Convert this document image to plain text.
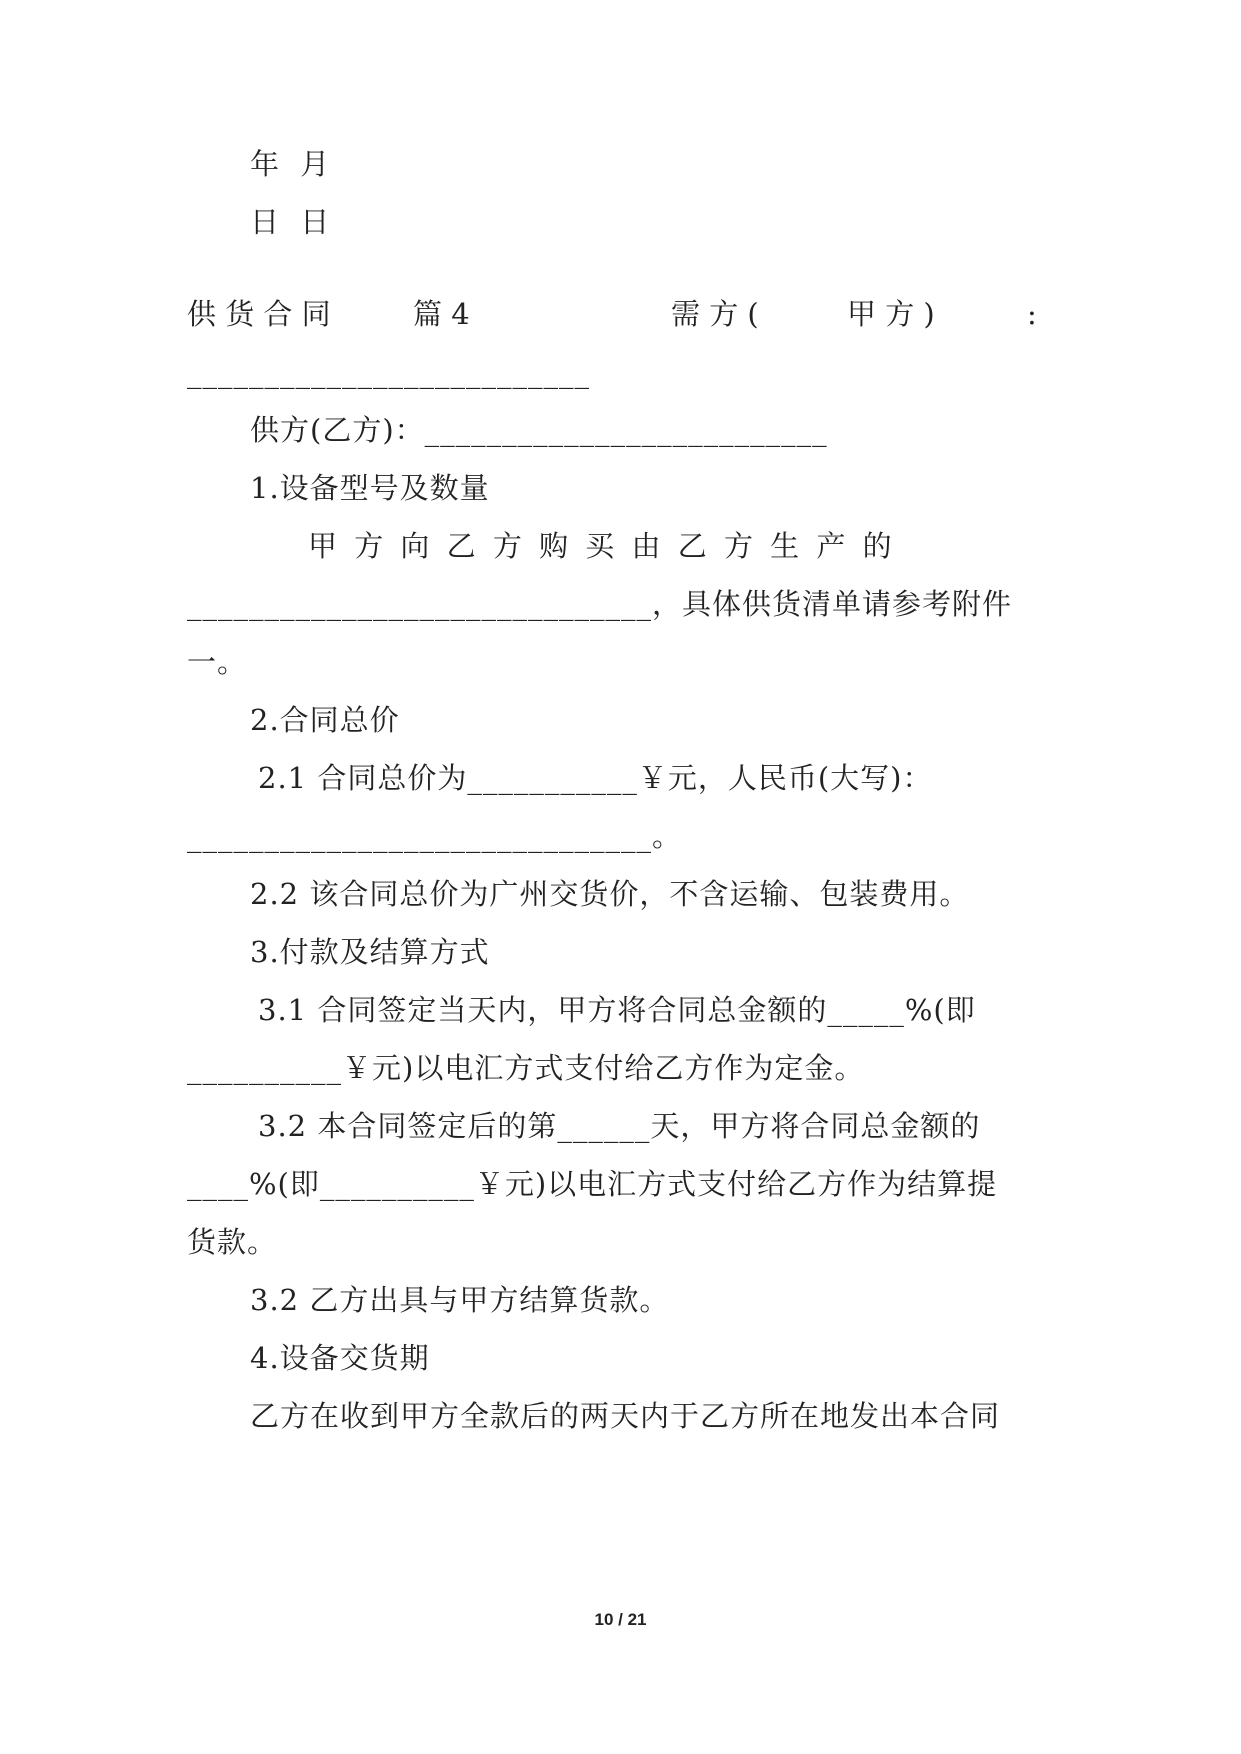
年 月
日 日
供 货 合 同	篇 4	需 方 (	甲 方 )	:
__________________________
供方(乙方)：__________________________
1.设备型号及数量
甲 方 向 乙 方 购 买 由 乙 方 生 产 的
______________________________，具体供货清单请参考附件
一。
2.合同总价
2.1 合同总价为___________￥元，人民币(大写)：
______________________________。
2.2 该合同总价为广州交货价，不含运输、包装费用。
3.付款及结算方式
3.1 合同签定当天内，甲方将合同总金额的_____%(即
__________￥元)以电汇方式支付给乙方作为定金。
3.2 本合同签定后的第______天，甲方将合同总金额的
____%(即__________￥元)以电汇方式支付给乙方作为结算提
货款。
3.2 乙方出具与甲方结算货款。
4.设备交货期
乙方在收到甲方全款后的两天内于乙方所在地发出本合同
10 / 21
